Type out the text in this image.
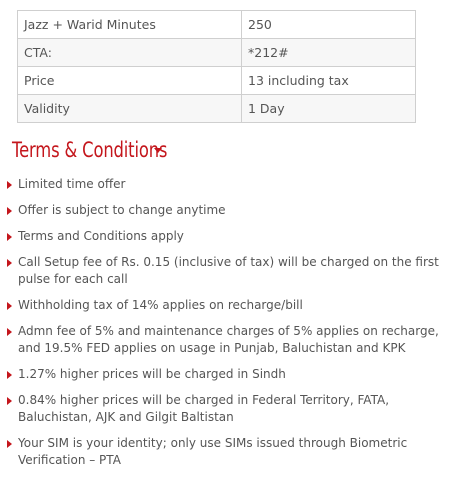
Jazz + Warid Minutes	250
CTA:	*212#
Price	13 including tax
Validity	1 Day
Terms & Conditions
Limited time offer
Offer is subject to change anytime
Terms and Conditions apply
Call Setup fee of Rs. 0.15 (inclusive of tax) will be charged on the first pulse for each call
Withholding tax of 14% applies on recharge/bill
Admn fee of 5% and maintenance charges of 5% applies on recharge, and 19.5% FED applies on usage in Punjab, Baluchistan and KPK
1.27% higher prices will be charged in Sindh
0.84% higher prices will be charged in Federal Territory, FATA, Baluchistan, AJK and Gilgit Baltistan
Your SIM is your identity; only use SIMs issued through Biometric Verification – PTA
